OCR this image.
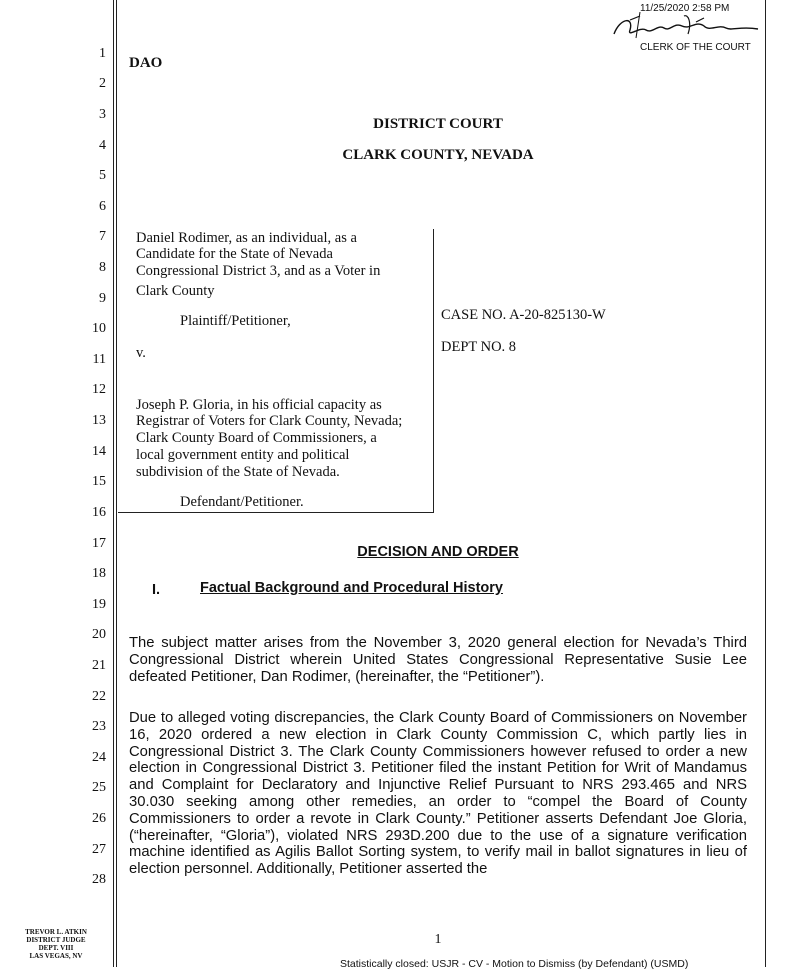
11/25/2020 2:58 PM
CLERK OF THE COURT
1
2
3
4
5
6
7
8
9
10
11
12
13
14
15
16
17
18
19
20
21
22
23
24
25
26
27
28
DAO
DISTRICT COURT
CLARK COUNTY, NEVADA
Daniel Rodimer, as an individual, as a
Candidate for the State of Nevada
Congressional District 3, and as a Voter in
Clark County
Plaintiff/Petitioner,
v.
Joseph P. Gloria, in his official capacity as
Registrar of Voters for Clark County, Nevada;
Clark County Board of Commissioners, a
local government entity and political
subdivision of the State of Nevada.
Defendant/Petitioner.
CASE NO. A-20-825130-W
DEPT NO. 8
DECISION AND ORDER
I.	Factual Background and Procedural History
The subject matter arises from the November 3, 2020 general election for Nevada’s Third Congressional District wherein United States Congressional Representative Susie Lee defeated Petitioner, Dan Rodimer, (hereinafter, the “Petitioner”).
Due to alleged voting discrepancies, the Clark County Board of Commissioners on November 16, 2020 ordered a new election in Clark County Commission C, which partly lies in Congressional District 3. The Clark County Commissioners however refused to order a new election in Congressional District 3. Petitioner filed the instant Petition for Writ of Mandamus and Complaint for Declaratory and Injunctive Relief Pursuant to NRS 293.465 and NRS 30.030 seeking among other remedies, an order to “compel the Board of County Commissioners to order a revote in Clark County.” Petitioner asserts Defendant Joe Gloria, (“hereinafter, “Gloria”), violated NRS 293D.200 due to the use of a signature verification machine identified as Agilis Ballot Sorting system, to verify mail in ballot signatures in lieu of election personnel. Additionally, Petitioner asserted the
TREVOR L. ATKIN
DISTRICT JUDGE
DEPT. VIII
LAS VEGAS, NV
1
Statistically closed: USJR - CV - Motion to Dismiss (by Defendant) (USMD)
